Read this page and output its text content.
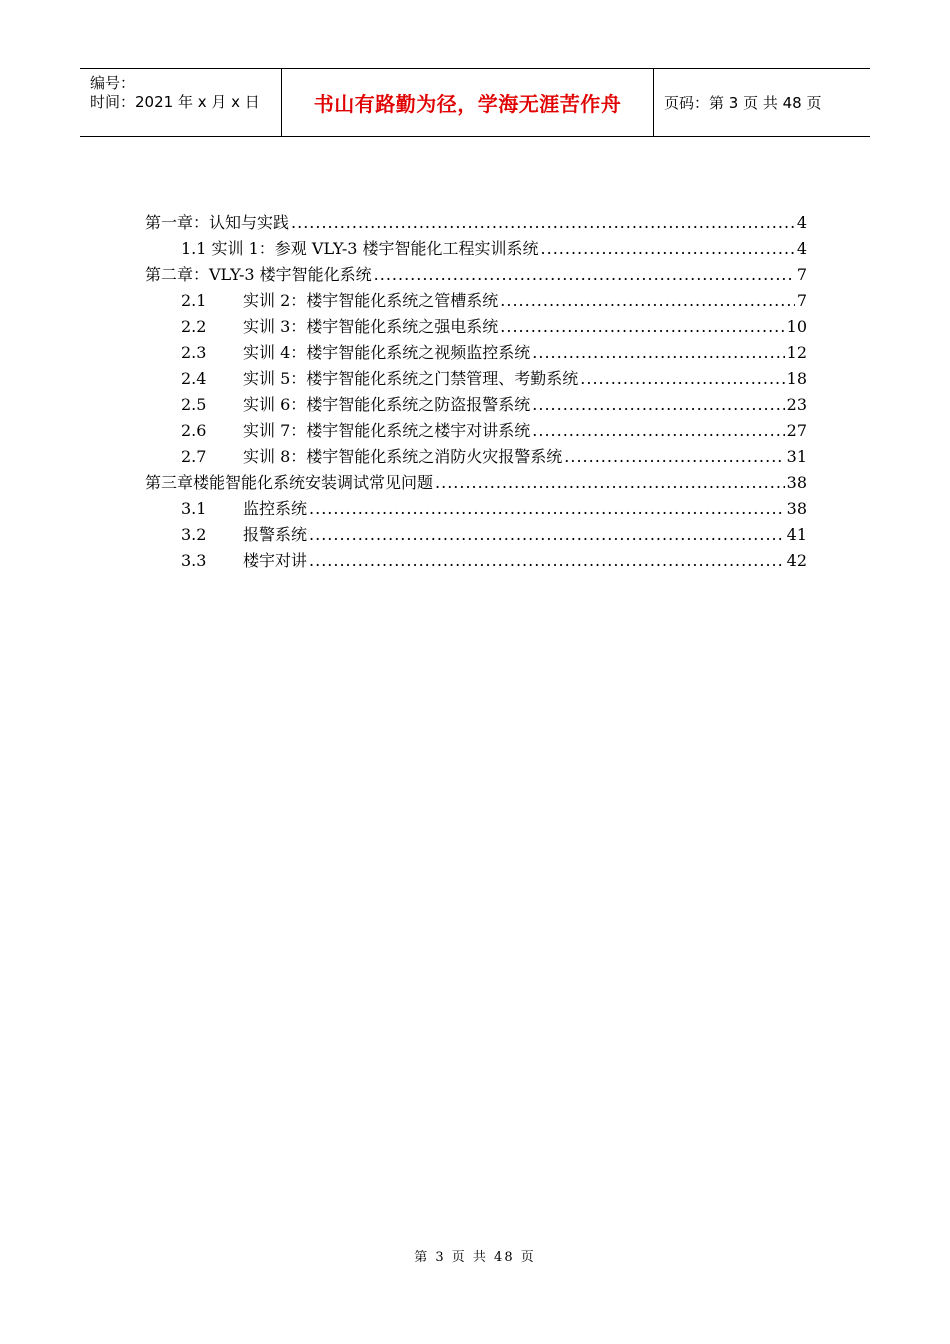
编号：
时间：2021 年 x 月 x 日	书山有路勤为径，学海无涯苦作舟	页码：第 3 页 共 48 页
第一章：认知与实践 .....	4
1.1 实训 1：参观 VLY-3 楼宇智能化工程实训系统 .....	4
第二章：VLY-3 楼宇智能化系统 .....	7
2.1	实训 2：楼宇智能化系统之管槽系统 .....	7
2.2	实训 3：楼宇智能化系统之强电系统 .....	10
2.3	实训 4：楼宇智能化系统之视频监控系统 .....	12
2.4	实训 5：楼宇智能化系统之门禁管理、考勤系统 .....	18
2.5	实训 6：楼宇智能化系统之防盗报警系统 .....	23
2.6	实训 7：楼宇智能化系统之楼宇对讲系统 .....	27
2.7	实训 8：楼宇智能化系统之消防火灾报警系统 .....	31
第三章楼能智能化系统安装调试常见问题 .....	38
3.1	监控系统 .....	38
3.2	报警系统 .....	41
3.3	楼宇对讲 .....	42
第 3 页 共 48 页
